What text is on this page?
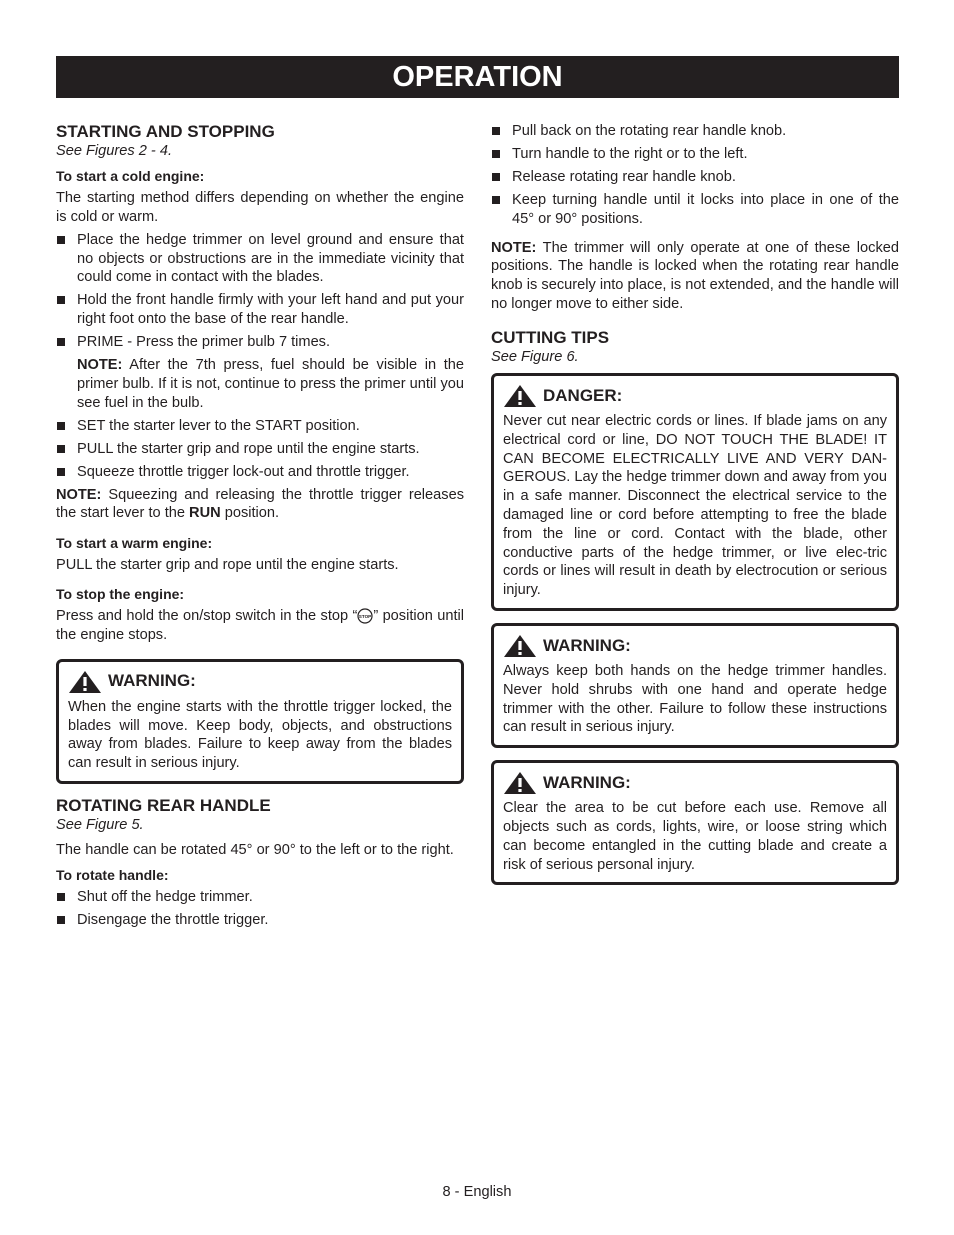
OPERATION
STARTING AND STOPPING

See Figures 2 - 4.

To start a cold engine:

The starting method differs depending on whether the engine is cold or warm.

Place the hedge trimmer on level ground and ensure that no objects or obstructions are in the immediate vicinity that could come in contact with the blades.
Hold the front handle firmly with your left hand and put your right foot onto the base of the rear handle.
PRIME - Press the primer bulb 7 times.

NOTE: After the 7th press, fuel should be visible in the primer bulb. If it is not, continue to press the primer until you see fuel in the bulb.

SET the starter lever to the START position.
PULL the starter grip and rope until the engine starts.
Squeeze throttle trigger lock-out and throttle trigger.

NOTE: Squeezing and releasing the throttle trigger releases the start lever to the RUN position.

To start a warm engine:

PULL the starter grip and rope until the engine starts.

To stop the engine:

Press and hold the on/stop switch in the stop “ STOP ” position until the engine stops.

WARNING:
When the engine starts with the throttle trigger locked, the blades will move. Keep body, objects, and obstructions away from blades. Failure to keep away from the blades can result in serious injury.
ROTATING REAR HANDLE

See Figure 5.

The handle can be rotated 45° or 90° to the left or to the right.

To rotate handle:

Shut off the hedge trimmer.
Disengage the throttle trigger.
Pull back on the rotating rear handle knob.
Turn handle to the right or to the left.
Release rotating rear handle knob.
Keep turning handle until it locks into place in one of the 45° or 90° positions.

NOTE: The trimmer will only operate at one of these locked positions. The handle is locked when the rotating rear handle knob is securely into place, is not extended, and the handle will no longer move to either side.

CUTTING TIPS

See Figure 6.

DANGER:
Never cut near electric cords or lines. If blade jams on any electrical cord or line, DO NOT TOUCH THE BLADE! IT CAN BECOME ELECTRICALLY LIVE AND VERY DAN-GEROUS. Lay the hedge trimmer down and away from you in a safe manner. Disconnect the electrical service to the damaged line or cord before attempting to free the blade from the line or cord. Contact with the blade, other conductive parts of the hedge trimmer, or live elec-tric cords or lines will result in death by electrocution or serious injury.
WARNING:
Always keep both hands on the hedge trimmer handles. Never hold shrubs with one hand and operate hedge trimmer with the other. Failure to follow these instructions can result in serious injury.
WARNING:
Clear the area to be cut before each use. Remove all objects such as cords, lights, wire, or loose string which can become entangled in the cutting blade and create a risk of serious personal injury.
8 - English
